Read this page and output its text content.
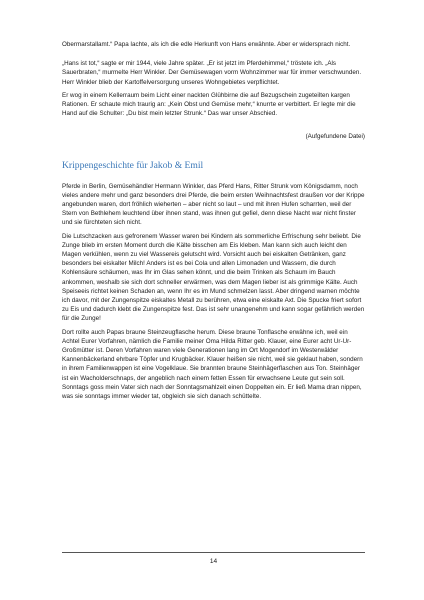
Obermarstallamt.“ Papa lachte, als ich die edle Herkunft von Hans erwähnte. Aber er widersprach nicht.

„Hans ist tot,“ sagte er mir 1944, viele Jahre später. „Er ist jetzt im Pferdehimmel,“ tröstete ich. „Als Sauerbraten,“ murmelte Herr Winkler. Der Gemüsewagen vorm Wohnzimmer war für immer verschwunden. Herr Winkler blieb der Kartoffelversorgung unseres Wohngebietes verpflichtet.

Er wog in einem Kellerraum beim Licht einer nackten Glühbirne die auf Bezugschein zugeteilten kargen Rationen. Er schaute mich traurig an: „Kein Obst und Gemüse mehr,“ knurrte er verbittert. Er legte mir die Hand auf die Schulter: „Du bist mein letzter Strunk.“ Das war unser Abschied.

(Aufgefundene Datei)

Krippengeschichte für Jakob & Emil

Pferde in Berlin, Gemüsehändler Hermann Winkler, das Pferd Hans, Ritter Strunk vom Königsdamm, noch vieles andere mehr und ganz besonders drei Pferde, die beim ersten Weihnachtsfest draußen vor der Krippe angebunden waren, dort fröhlich wieherten – aber nicht so laut – und mit ihren Hufen scharrten, weil der Stern von Bethlehem leuchtend über ihnen stand, was ihnen gut gefiel, denn diese Nacht war nicht finster und sie fürchteten sich nicht.

Die Lutschzacken aus gefrorenem Wasser waren bei Kindern als sommerliche Erfrischung sehr beliebt. Die Zunge blieb im ersten Moment durch die Kälte bisschen am Eis kleben. Man kann sich auch leicht den Magen verkühlen, wenn zu viel Wassereis gelutscht wird. Vorsicht auch bei eiskalten Getränken, ganz besonders bei eiskalter Milch! Anders ist es bei Cola und allen Limonaden und Wassern, die durch Kohlensäure schäumen, was Ihr im Glas sehen könnt, und die beim Trinken als Schaum im Bauch ankommen, weshalb sie sich dort schneller erwärmen, was dem Magen lieber ist als grimmige Kälte. Auch Speiseeis richtet keinen Schaden an, wenn Ihr es im Mund schmelzen lasst. Aber dringend warnen möchte ich davor, mit der Zungenspitze eiskaltes Metall zu berühren, etwa eine eiskalte Axt. Die Spucke friert sofort zu Eis und dadurch klebt die Zungenspitze fest. Das ist sehr unangenehm und kann sogar gefährlich werden für die Zunge!

Dort rollte auch Papas braune Steinzeugflasche herum. Diese braune Tonflasche erwähne ich, weil ein Achtel Eurer Vorfahren, nämlich die Familie meiner Oma Hilda Ritter geb. Klauer, eine Eurer acht Ur-Ur-Großmütter ist. Deren Vorfahren waren viele Generationen lang im Ort Mogendorf im Westerwälder Kannenbäckerland ehrbare Töpfer und Krugbäcker. Klauer heißen sie nicht, weil sie geklaut haben, sondern in ihrem Familienwappen ist eine Vogelklaue. Sie brannten braune Steinhägerflaschen aus Ton. Steinhäger ist ein Wacholderschnaps, der angeblich nach einem fetten Essen für erwachsene Leute gut sein soll. Sonntags goss mein Vater sich nach der Sonntagsmahlzeit einen Doppelten ein. Er ließ Mama dran nippen, was sie sonntags immer wieder tat, obgleich sie sich danach schüttelte.

14
